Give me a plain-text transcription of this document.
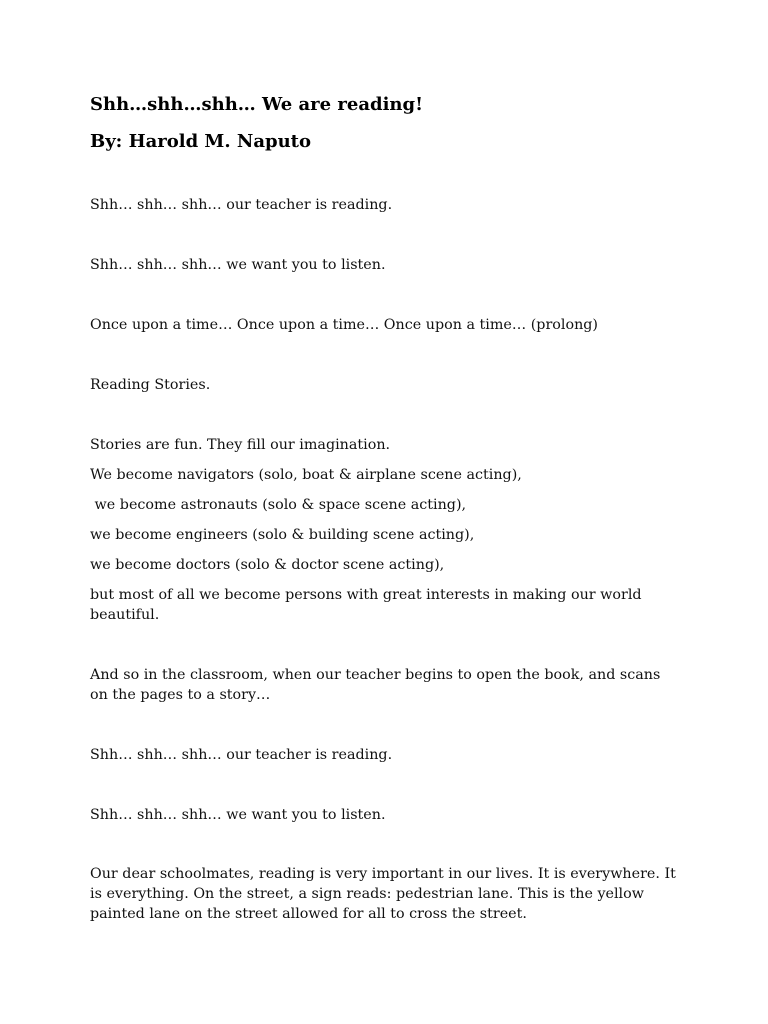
Shh…shh…shh… We are reading!
By: Harold M. Naputo

Shh… shh… shh… our teacher is reading.

Shh… shh… shh… we want you to listen.

Once upon a time… Once upon a time… Once upon a time… (prolong)

Reading Stories.

Stories are fun. They fill our imagination.

We become navigators (solo, boat & airplane scene acting),

we become astronauts (solo & space scene acting),

we become engineers (solo & building scene acting),

we become doctors (solo & doctor scene acting),

but most of all we become persons with great interests in making our world beautiful.

And so in the classroom, when our teacher begins to open the book, and scans on the pages to a story…

Shh… shh… shh… our teacher is reading.

Shh… shh… shh… we want you to listen.

Our dear schoolmates, reading is very important in our lives. It is everywhere. It is everything. On the street, a sign reads: pedestrian lane. This is the yellow painted lane on the street allowed for all to cross the street.
